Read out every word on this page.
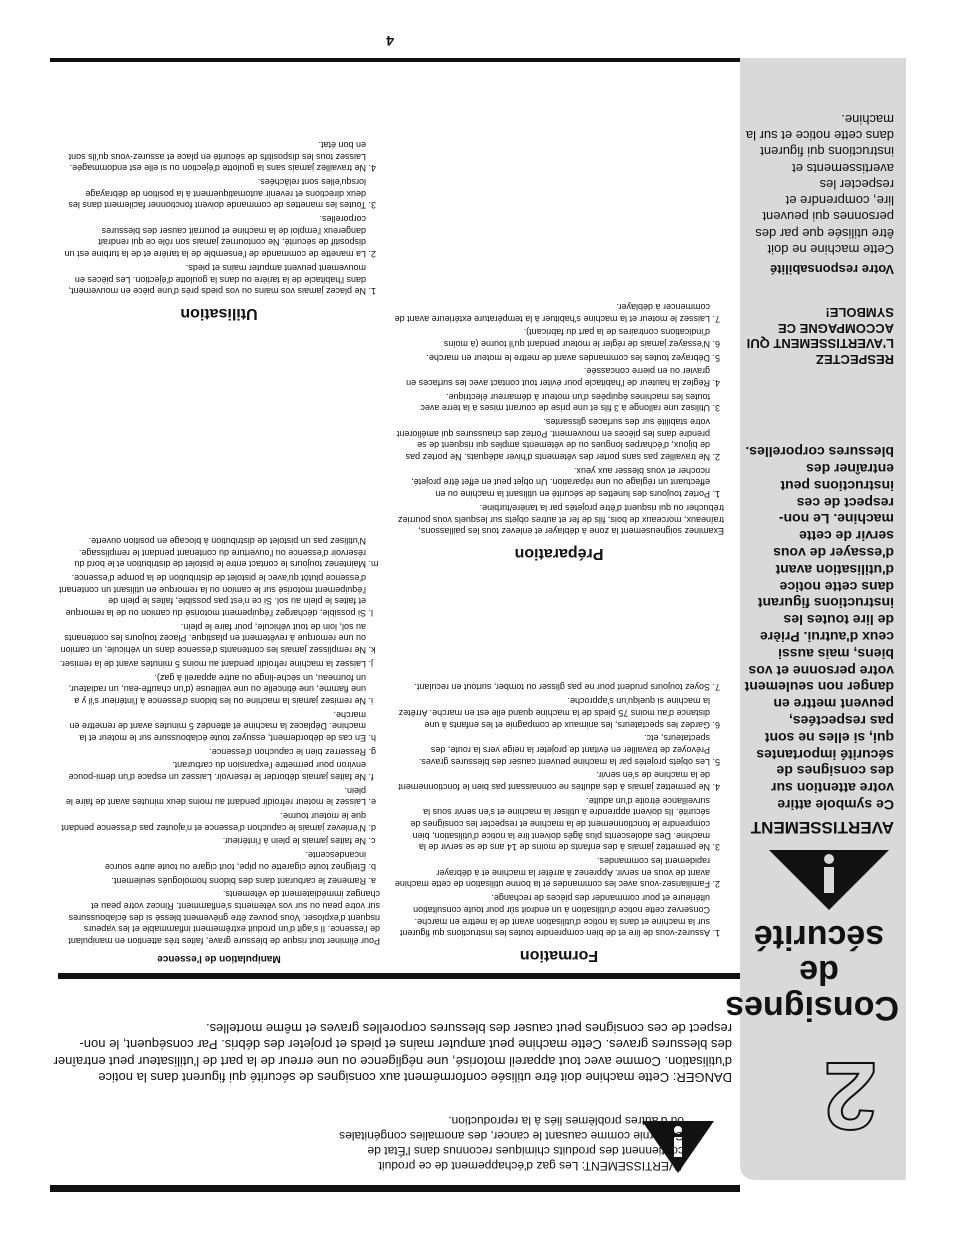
4
2
Consignes de sécurité
AVERTISSEMENT
Ce symbole attire votre attention sur des consignes de sécurité importantes qui, si elles ne sont pas respectées, peuvent mettre en danger non seulement votre personne et vos biens, mais aussi ceux d'autrui. Prière de lire toutes les instructions figurant dans cette notice d'utilisation avant d'essayer de vous servir de cette machine. Le non-respect de ces instructions peut entraîner des blessures corporelles.
RESPECTEZ L'AVERTISSEMENT QUI ACCOMPAGNE CE SYMBOLE!
Votre responsabilité
Cette machine ne doit être utilisée que par des personnes qui peuvent lire, comprendre et respecter les avertissements et instructions qui figurent dans cette notice et sur la machine.
AVERTISSEMENT: Les gaz d'échappement de ce produit contiennent des produits chimiques reconnus dans l'État de Californie comme causant le cancer, des anomalies congénitales ou d'autres problèmes liés à la reproduction.
DANGER: Cette machine doit être utilisée conformément aux consignes de sécurité qui figurent dans la notice d'utilisation. Comme avec tout appareil motorisé, une négligence ou une erreur de la part de l'utilisateur peut entraîner des blessures graves. Cette machine peut amputer mains et pieds et projeter des débris. Par conséquent, le non-respect de ces consignes peut causer des blessures corporelles graves et même mortelles.
Formation
1. Assurez-vous de lire et de bien comprendre toutes les instructions qui figurent sur la machine et dans la notice d'utilisation avant de la mettre en marche. Conservez cette notice d'utilisation à un endroit sûr pour toute consultation ultérieure et pour commander des pièces de rechange.
2. Familiarisez-vous avec les commandes et la bonne utilisation de cette machine avant de vous en servir. Apprenez à arrêter la machine et à débrayer rapidement les commandes.
3. Ne permettez jamais à des enfants de moins de 14 ans de se servir de la machine. Des adolescents plus âgés doivent lire la notice d'utilisation, bien comprendre le fonctionnement de la machine et respecter les consignes de sécurité. Ils doivent apprendre à utiliser la machine et s'en servir sous la surveillance étroite d'un adulte.
4. Ne permettez jamais à des adultes ne connaissant pas bien le fonctionnement de la machine de s'en servir.
5. Les objets projetés par la machine peuvent causer des blessures graves. Prévoyez de travailler en évitant de projeter la neige vers la route, des spectateurs, etc.
6. Gardez les spectateurs, les animaux de compagnie et les enfants à une distance d'au moins 75 pieds de la machine quand elle est en marche. Arrêtez la machine si quelqu'un s'approche.
7. Soyez toujours prudent pour ne pas glisser ou tomber, surtout en reculant.
Préparation

Examinez soigneusement la zone à déblayer et enlevez tous les paillassons, traîneaux, morceaux de bois, fils de fer et autres objets sur lesquels vous pourriez trébucher ou qui risquent d'être projetés par la tarière/turbine.

1. Portez toujours des lunettes de sécurité en utilisant la machine ou en effectuant un réglage ou une réparation. Un objet peut en effet être projeté, ricocher et vous blesser aux yeux.
2. Ne travaillez pas sans porter des vêtements d'hiver adéquats. Ne portez pas de bijoux, d'écharpes longues ou de vêtements amples qui risquent de se prendre dans les pièces en mouvement. Portez des chaussures qui améliorent votre stabilité sur des surfaces glissantes.
3. Utilisez une rallonge à 3 fils et une prise de courant mises à la terre avec toutes les machines équipées d'un moteur à démarreur électrique.
4. Réglez la hauteur de l'habitacle pour éviter tout contact avec les surfaces en gravier ou en pierre concassée.
5. Débrayez toutes les commandes avant de mettre le moteur en marche.
6. N'essayez jamais de régler le moteur pendant qu'il tourne (à moins d'indications contraires de la part du fabricant).
7. Laissez le moteur et la machine s'habituer à la température extérieure avant de commencer à déblayer.
Manipulation de l'essence

Pour éliminer tout risque de blessure grave, faites très attention en manipulant de l'essence. Il s'agit d'un produit extrêmement inflammable et les vapeurs risquent d'exploser. Vous pouvez être grièvement blessé si des éclaboussures sur votre peau ou sur vos vêtements s'enflamment. Rincez votre peau et changez immédiatement de vêtements.

a. Ramenez le carburant dans des bidons homologués seulement.
b. Éteignez toute cigarette ou pipe, tout cigare ou toute autre source incandescente.
c. Ne faites jamais le plein à l'intérieur.
d. N'enlevez jamais le capuchon d'essence et n'ajoutez pas d'essence pendant que le moteur tourne.
e. Laissez le moteur refroidir pendant au moins deux minutes avant de faire le plein.
f. Ne faites jamais déborder le réservoir. Laissez un espace d'un demi-pouce environ pour permettre l'expansion du carburant.
g. Resserrez bien le capuchon d'essence.
h. En cas de débordement, essuyez toute éclaboussure sur le moteur et la machine. Déplacez la machine et attendez 5 minutes avant de remettre en marche.
i. Ne remisez jamais la machine ou les bidons d'essence à l'intérieur s'il y a une flamme, une étincelle ou une veilleuse (d'un chauffe-eau, un radiateur, un fourneau, un sèche-linge ou autre appareil à gaz).
j. Laissez la machine refroidir pendant au moins 5 minutes avant de la remiser.
k. Ne remplissez jamais les contenants d'essence dans un véhicule, un camion ou une remorque à revêtement en plastique. Placez toujours les contenants au sol, loin de tout véhicule, pour faire le plein.
l. Si possible, déchargez l'équipement motorisé du camion ou de la remorque et faites le plein au sol. Si ce n'est pas possible, faites le plein de l'équipement motorisé sur le camion ou la remorque en utilisant un contenant d'essence plutôt qu'avec le pistolet de distribution de la pompe d'essence.
m. Maintenez toujours le contact entre le pistolet de distribution et le bord du réservoir d'essence ou l'ouverture du contenant pendant le remplissage. N'utilisez pas un pistolet de distribution à blocage en position ouverte.
Utilisation
1. Ne placez jamais vos mains ou vos pieds près d'une pièce en mouvement, dans l'habitacle de la tarière ou dans la goulotte d'éjection. Les pièces en mouvement peuvent amputer mains et pieds.
2. La manette de commande de l'ensemble de la tarière et de la turbine est un dispositif de sécurité. Ne contournez jamais son rôle ce qui rendrait dangereux l'emploi de la machine et pourrait causer des blessures corporelles.
3. Toutes les manettes de commande doivent fonctionner facilement dans les deux directions et revenir automatiquement à la position de débrayage lorsqu'elles sont relâchées.
4. Ne travaillez jamais sans la goulotte d'éjection ou si elle est endommagée. Laissez tous les dispositifs de sécurité en place et assurez-vous qu'ils sont en bon état.
